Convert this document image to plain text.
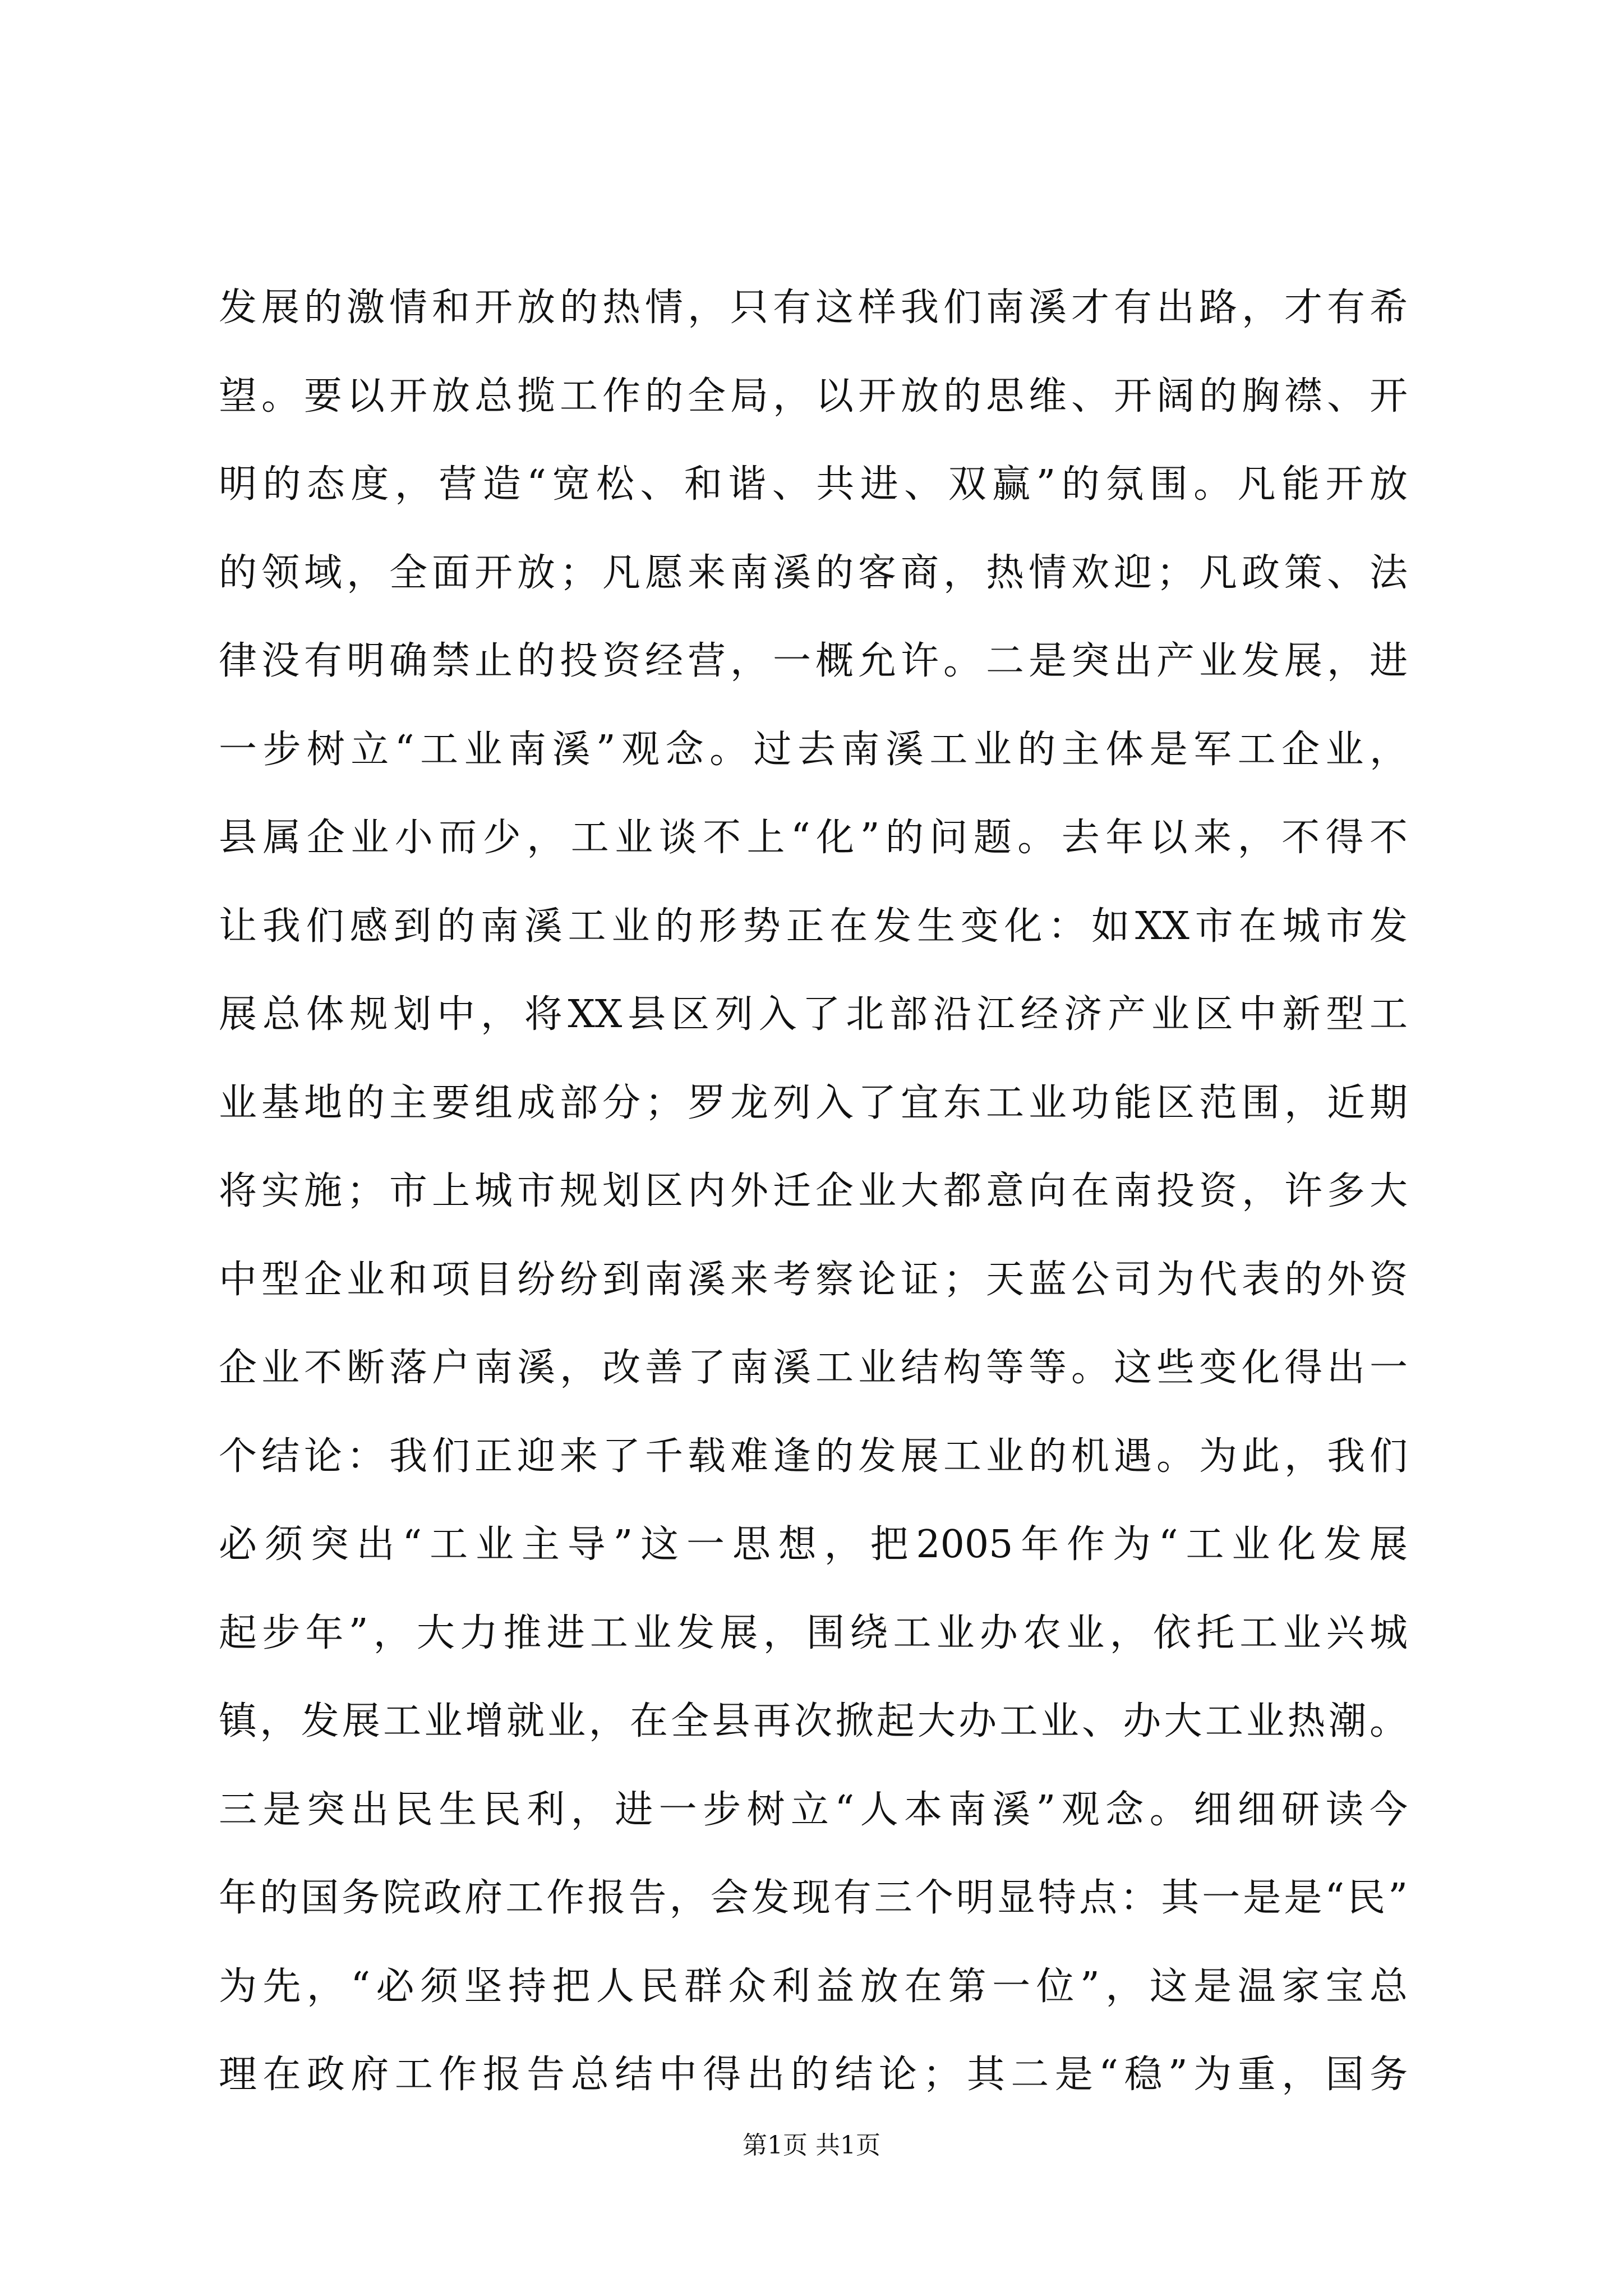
发展的激情和开放的热情，只有这样我们南溪才有出路，才有希
望。要以开放总揽工作的全局，以开放的思维、开阔的胸襟、开
明的态度，营造“宽松、和谐、共进、双赢”的氛围。凡能开放
的领域，全面开放；凡愿来南溪的客商，热情欢迎；凡政策、法
律没有明确禁止的投资经营，一概允许。二是突出产业发展，进
一步树立“工业南溪”观念。过去南溪工业的主体是军工企业，
县属企业小而少，工业谈不上“化”的问题。去年以来，不得不
让我们感到的南溪工业的形势正在发生变化：如XX市在城市发
展总体规划中，将XX县区列入了北部沿江经济产业区中新型工
业基地的主要组成部分；罗龙列入了宜东工业功能区范围，近期
将实施；市上城市规划区内外迁企业大都意向在南投资，许多大
中型企业和项目纷纷到南溪来考察论证；天蓝公司为代表的外资
企业不断落户南溪，改善了南溪工业结构等等。这些变化得出一
个结论：我们正迎来了千载难逢的发展工业的机遇。为此，我们
必须突出“工业主导”这一思想，把2005年作为“工业化发展
起步年”，大力推进工业发展，围绕工业办农业，依托工业兴城
镇，发展工业增就业，在全县再次掀起大办工业、办大工业热潮。
三是突出民生民利，进一步树立“人本南溪”观念。细细研读今
年的国务院政府工作报告，会发现有三个明显特点：其一是是“民”
为先，“必须坚持把人民群众利益放在第一位”，这是温家宝总
理在政府工作报告总结中得出的结论；其二是“稳”为重，国务
第1页 共1页
